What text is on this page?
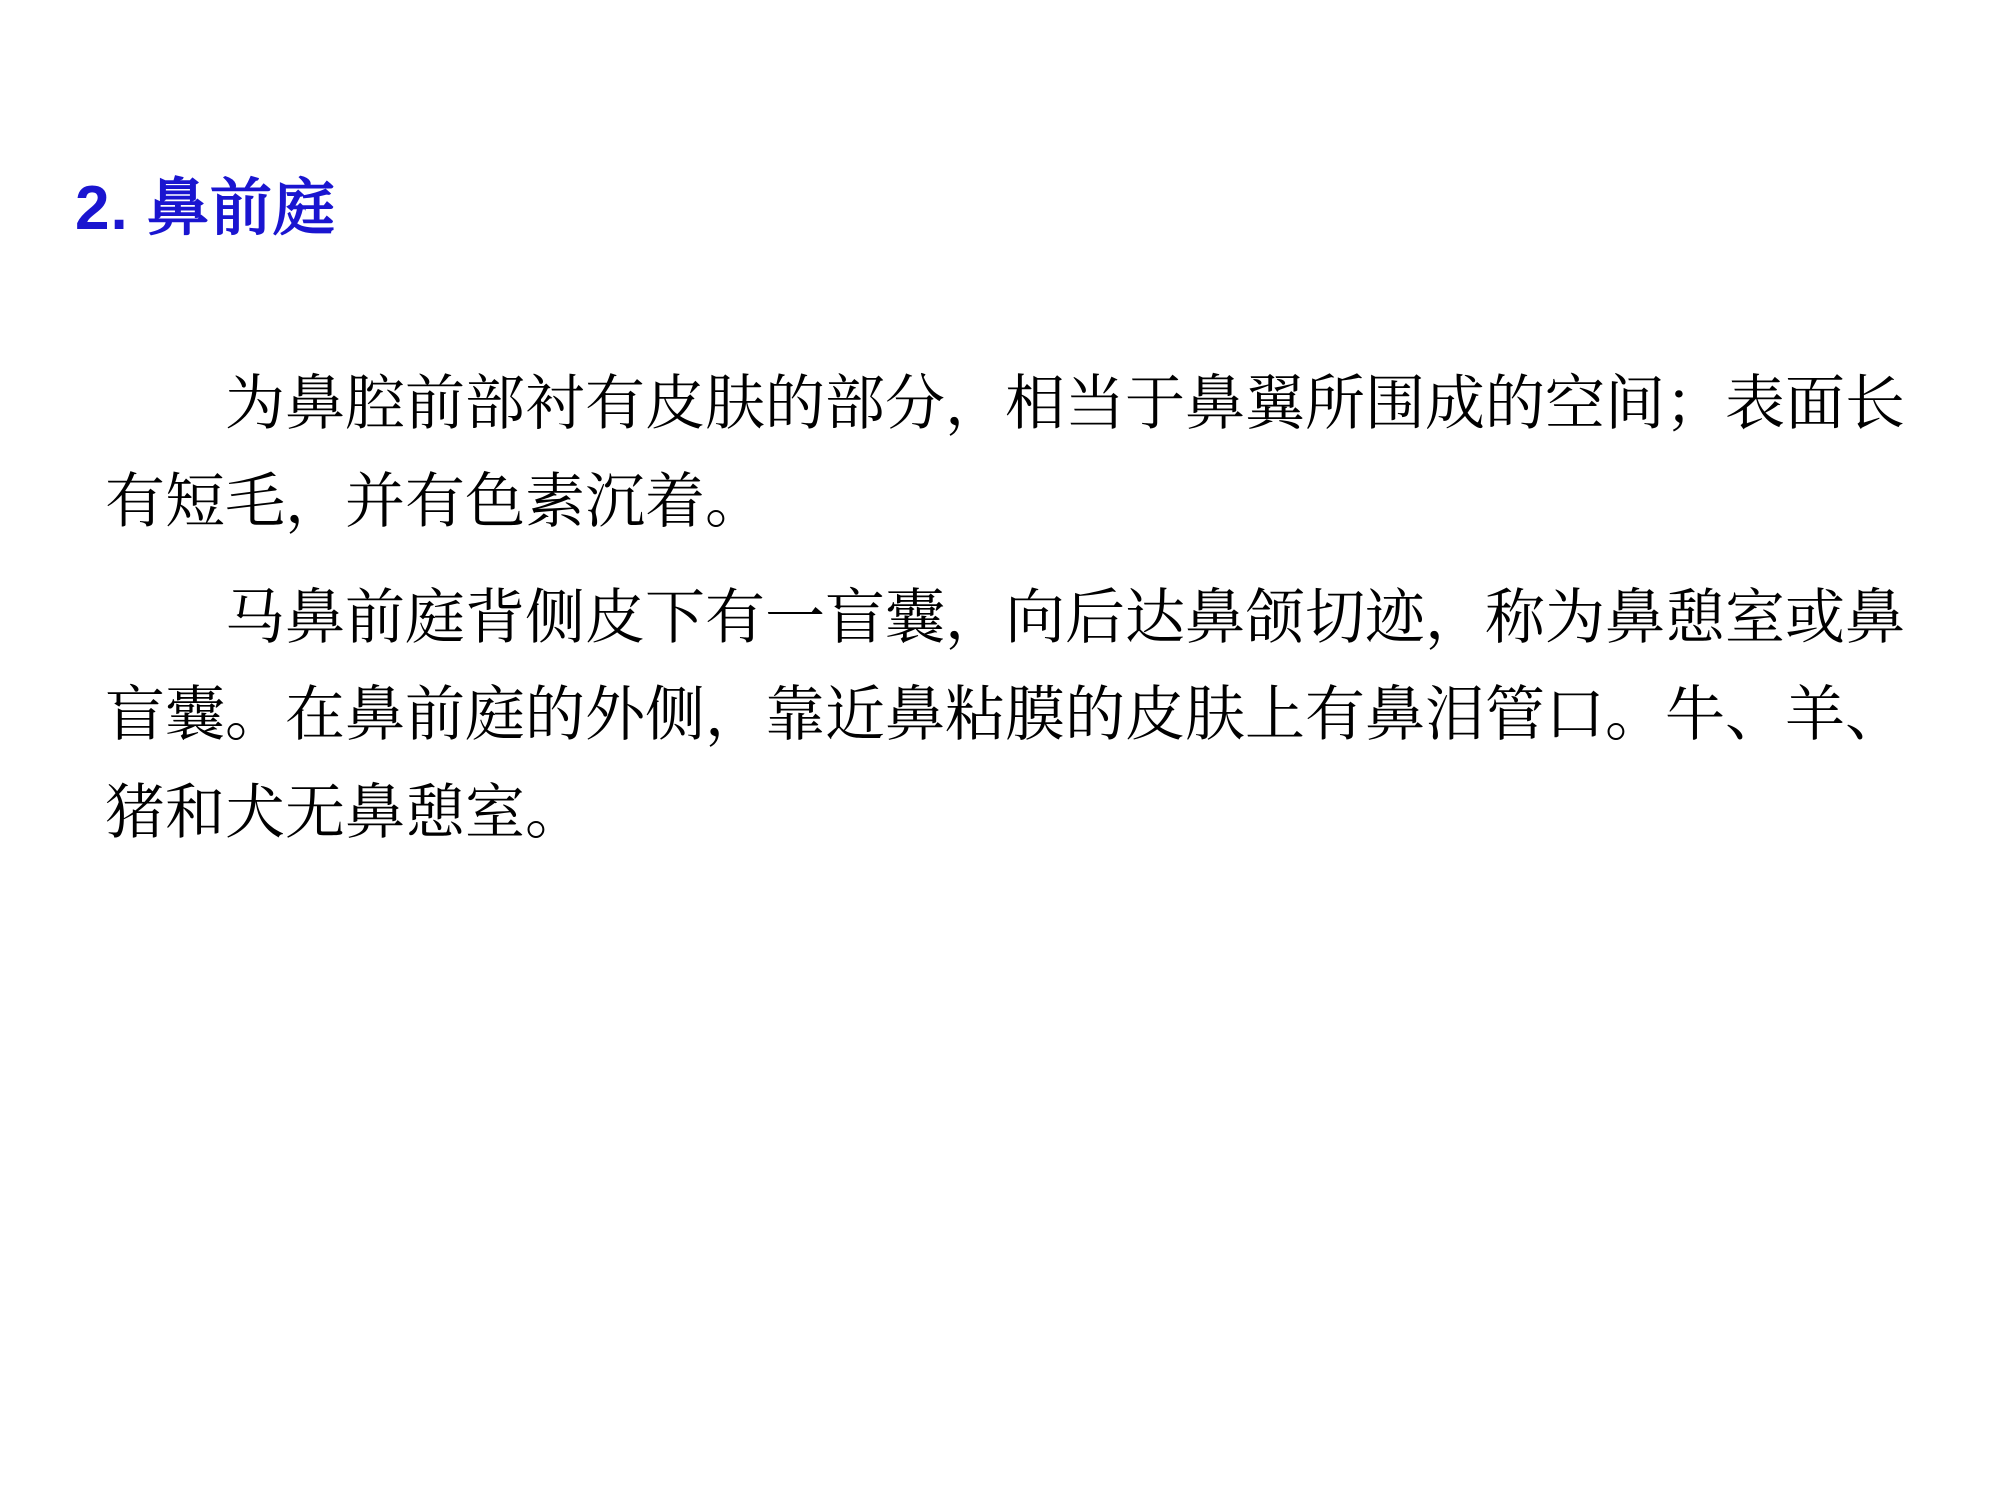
2. 鼻前庭

为鼻腔前部衬有皮肤的部分，相当于鼻翼所围成的空间；表面长有短毛，并有色素沉着。

马鼻前庭背侧皮下有一盲囊，向后达鼻颌切迹，称为鼻憩室或鼻盲囊。在鼻前庭的外侧，靠近鼻粘膜的皮肤上有鼻泪管口。牛、羊、猪和犬无鼻憩室。
